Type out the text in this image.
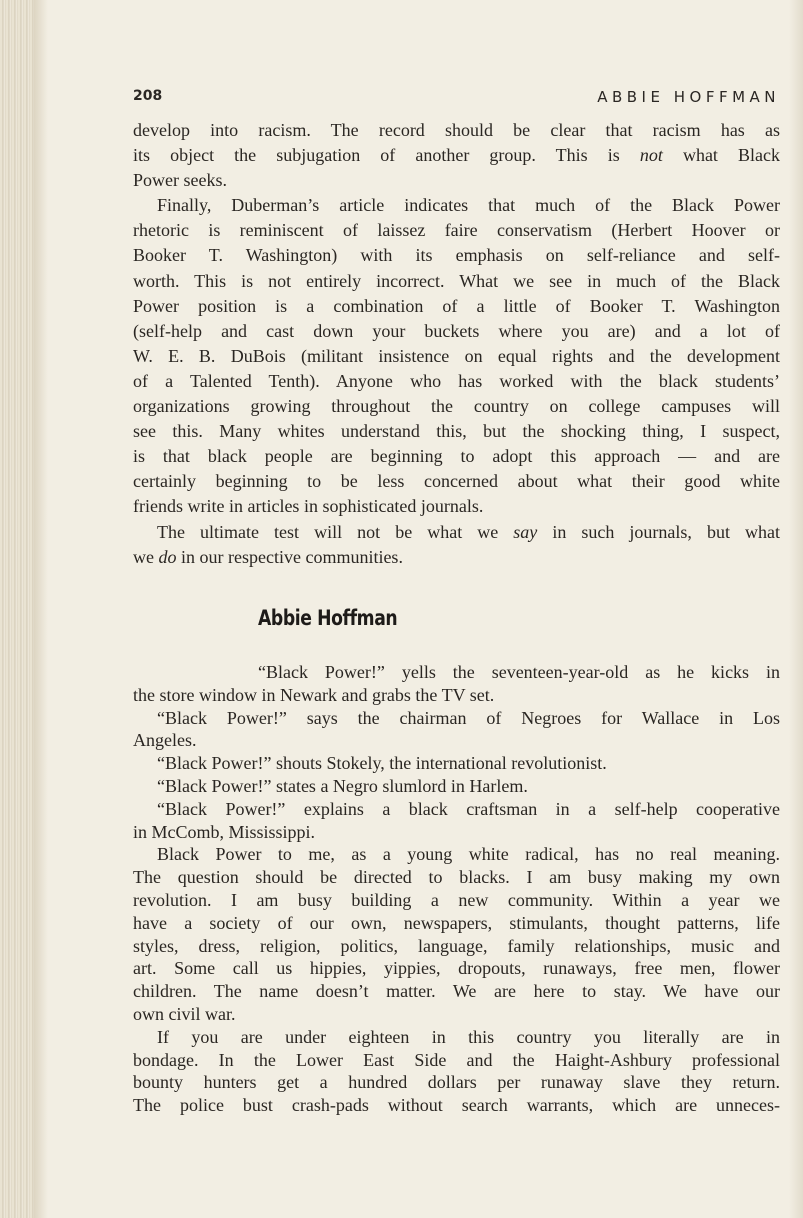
208	ABBIE HOFFMAN
develop into racism. The record should be clear that racism has as
its object the subjugation of another group. This is not what Black
Power seeks.
Finally, Duberman’s article indicates that much of the Black Power
rhetoric is reminiscent of laissez faire conservatism (Herbert Hoover or
Booker T. Washington) with its emphasis on self-reliance and self-
worth. This is not entirely incorrect. What we see in much of the Black
Power position is a combination of a little of Booker T. Washington
(self-help and cast down your buckets where you are) and a lot of
W. E. B. DuBois (militant insistence on equal rights and the development
of a Talented Tenth). Anyone who has worked with the black students’
organizations growing throughout the country on college campuses will
see this. Many whites understand this, but the shocking thing, I suspect,
is that black people are beginning to adopt this approach — and are
certainly beginning to be less concerned about what their good white
friends write in articles in sophisticated journals.
The ultimate test will not be what we say in such journals, but what
we do in our respective communities.
Abbie Hoffman
“Black Power!” yells the seventeen-year-old as he kicks in
the store window in Newark and grabs the TV set.
“Black Power!” says the chairman of Negroes for Wallace in Los
Angeles.
“Black Power!” shouts Stokely, the international revolutionist.
“Black Power!” states a Negro slumlord in Harlem.
“Black Power!” explains a black craftsman in a self-help cooperative
in McComb, Mississippi.
Black Power to me, as a young white radical, has no real meaning.
The question should be directed to blacks. I am busy making my own
revolution. I am busy building a new community. Within a year we
have a society of our own, newspapers, stimulants, thought patterns, life
styles, dress, religion, politics, language, family relationships, music and
art. Some call us hippies, yippies, dropouts, runaways, free men, flower
children. The name doesn’t matter. We are here to stay. We have our
own civil war.
If you are under eighteen in this country you literally are in
bondage. In the Lower East Side and the Haight-Ashbury professional
bounty hunters get a hundred dollars per runaway slave they return.
The police bust crash-pads without search warrants, which are unneces-
